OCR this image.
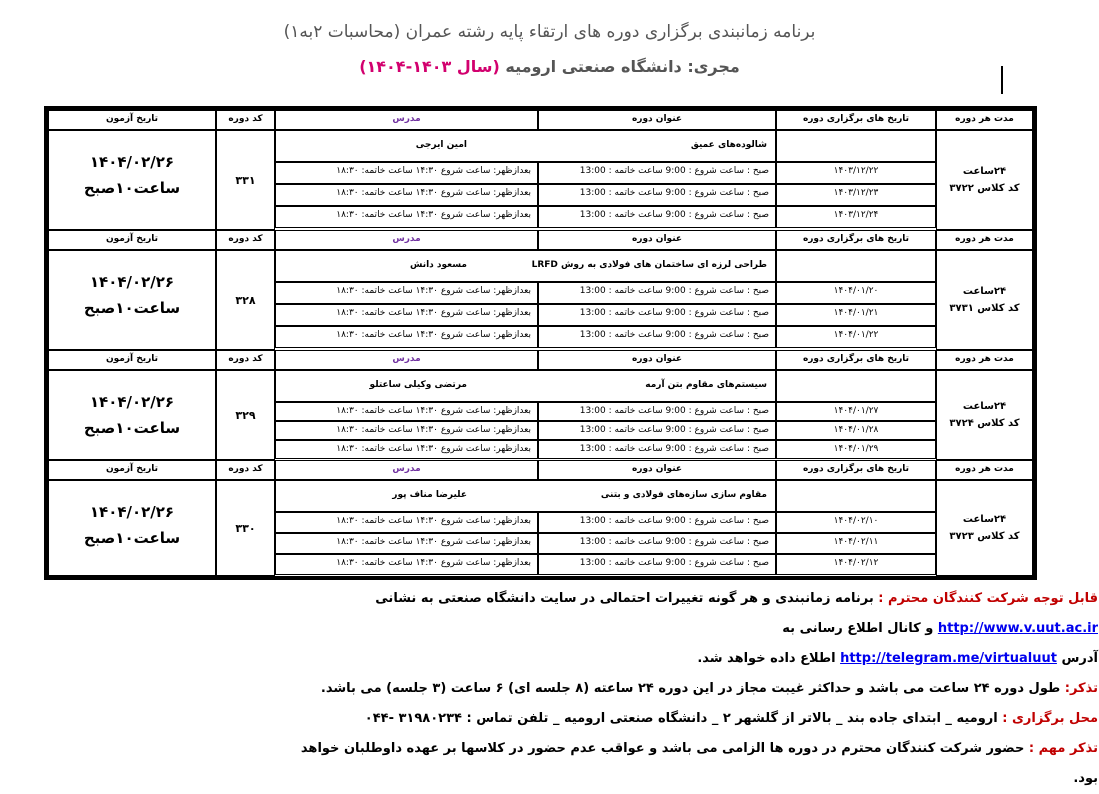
برنامه زمانبندی برگزاری دوره های ارتقاء پایه رشته عمران (محاسبات ۲به۱)
مجری: دانشگاه صنعتی ارومیه (سال ۱۴۰۳-۱۴۰۴)
مدت هر دوره
تاریخ های برگزاری دوره
عنوان دوره
مدرس
کد دوره
تاریخ آزمون
۲۴ساعت
کد کلاس ۳۷۲۲
شالوده‌های عمیق
امین ایرجی
۱۴۰۳/۱۲/۲۲
صبح : ساعت شروع : 9:00 ساعت خاتمه : 13:00
بعدازظهر: ساعت شروع ۱۴:۳۰ ساعت خاتمه: ۱۸:۳۰
۱۴۰۳/۱۲/۲۳
صبح : ساعت شروع : 9:00 ساعت خاتمه : 13:00
بعدازظهر: ساعت شروع ۱۴:۳۰ ساعت خاتمه: ۱۸:۳۰
۱۴۰۳/۱۲/۲۴
صبح : ساعت شروع : 9:00 ساعت خاتمه : 13:00
بعدازظهر: ساعت شروع ۱۴:۳۰ ساعت خاتمه: ۱۸:۳۰
۳۳۱
۱۴۰۴/۰۲/۲۶
ساعت۱۰صبح
مدت هر دوره
تاریخ های برگزاری دوره
عنوان دوره
مدرس
کد دوره
تاریخ آزمون
۲۴ساعت
کد کلاس ۳۷۳۱
طراحی لرزه ای ساختمان های فولادی به روش LRFD
مسعود دانش
۱۴۰۴/۰۱/۲۰
صبح : ساعت شروع : 9:00 ساعت خاتمه : 13:00
بعدازظهر: ساعت شروع ۱۴:۳۰ ساعت خاتمه: ۱۸:۳۰
۱۴۰۴/۰۱/۲۱
صبح : ساعت شروع : 9:00 ساعت خاتمه : 13:00
بعدازظهر: ساعت شروع ۱۴:۳۰ ساعت خاتمه: ۱۸:۳۰
۱۴۰۴/۰۱/۲۲
صبح : ساعت شروع : 9:00 ساعت خاتمه : 13:00
بعدازظهر: ساعت شروع ۱۴:۳۰ ساعت خاتمه: ۱۸:۳۰
۳۲۸
۱۴۰۴/۰۲/۲۶
ساعت۱۰صبح
مدت هر دوره
تاریخ های برگزاری دوره
عنوان دوره
مدرس
کد دوره
تاریخ آزمون
۲۴ساعت
کد کلاس ۳۷۲۴
سیستم‌های مقاوم بتن آرمه
مرتضی وکیلی ساعتلو
۱۴۰۴/۰۱/۲۷
صبح : ساعت شروع : 9:00 ساعت خاتمه : 13:00
بعدازظهر: ساعت شروع ۱۴:۳۰ ساعت خاتمه: ۱۸:۳۰
۱۴۰۴/۰۱/۲۸
صبح : ساعت شروع : 9:00 ساعت خاتمه : 13:00
بعدازظهر: ساعت شروع ۱۴:۳۰ ساعت خاتمه: ۱۸:۳۰
۱۴۰۴/۰۱/۲۹
صبح : ساعت شروع : 9:00 ساعت خاتمه : 13:00
بعدازظهر: ساعت شروع ۱۴:۳۰ ساعت خاتمه: ۱۸:۳۰
۳۲۹
۱۴۰۴/۰۲/۲۶
ساعت۱۰صبح
مدت هر دوره
تاریخ های برگزاری دوره
عنوان دوره
مدرس
کد دوره
تاریخ آزمون
۲۴ساعت
کد کلاس ۳۷۲۳
مقاوم سازی سازه‌های فولادی و بتنی
علیرضا مناف پور
۱۴۰۴/۰۲/۱۰
صبح : ساعت شروع : 9:00 ساعت خاتمه : 13:00
بعدازظهر: ساعت شروع ۱۴:۳۰ ساعت خاتمه: ۱۸:۳۰
۱۴۰۴/۰۲/۱۱
صبح : ساعت شروع : 9:00 ساعت خاتمه : 13:00
بعدازظهر: ساعت شروع ۱۴:۳۰ ساعت خاتمه: ۱۸:۳۰
۱۴۰۴/۰۲/۱۲
صبح : ساعت شروع : 9:00 ساعت خاتمه : 13:00
بعدازظهر: ساعت شروع ۱۴:۳۰ ساعت خاتمه: ۱۸:۳۰
۳۳۰
۱۴۰۴/۰۲/۲۶
ساعت۱۰صبح

قابل توجه شرکت کنندگان محترم : برنامه زمانبندی و هر گونه تغییرات احتمالی در سایت دانشگاه صنعتی به نشانی http://www.v.uut.ac.ir و کانال اطلاع رسانی به

آدرس http://telegram.me/virtualuut اطلاع داده خواهد شد.

تذکر: طول دوره ۲۴ ساعت می باشد و حداکثر غیبت مجاز در این دوره ۲۴ ساعته (۸ جلسه ای) ۶ ساعت (۳ جلسه) می باشد.

محل برگزاری : ارومیه _ ابتدای جاده بند _ بالاتر از گلشهر ۲ _ دانشگاه صنعتی ارومیه _ تلفن تماس : ۳۱۹۸۰۲۳۴ -۰۴۴

تذکر مهم : حضور شرکت کنندگان محترم در دوره ها الزامی می باشد و عواقب عدم حضور در کلاسها بر عهده داوطلبان خواهد بود.
